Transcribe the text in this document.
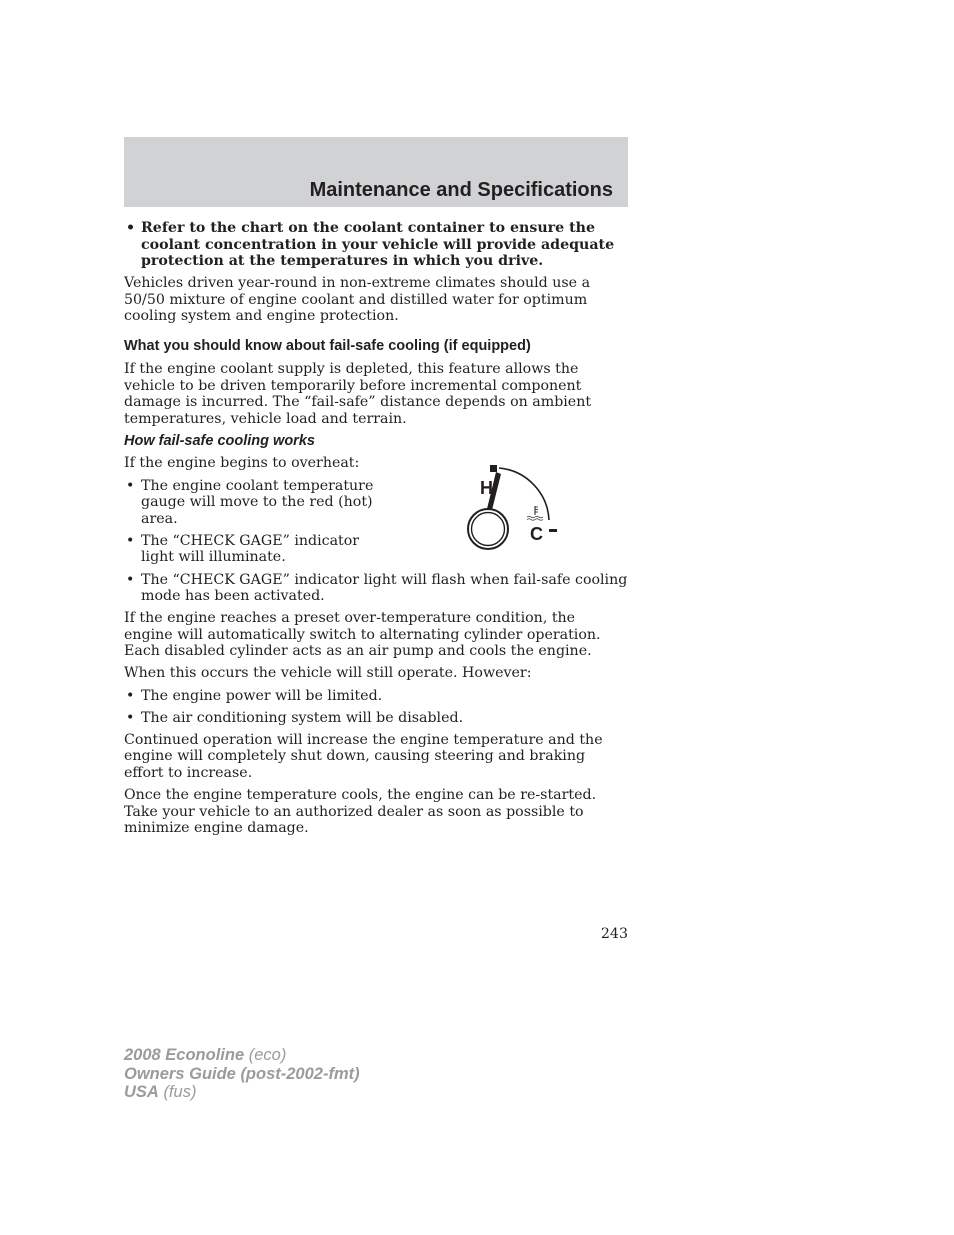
Maintenance and Specifications
• Refer to the chart on the coolant container to ensure the coolant concentration in your vehicle will provide adequate protection at the temperatures in which you drive.

Vehicles driven year-round in non-extreme climates should use a 50/50 mixture of engine coolant and distilled water for optimum cooling system and engine protection.

What you should know about fail-safe cooling (if equipped)

If the engine coolant supply is depleted, this feature allows the vehicle to be driven temporarily before incremental component damage is incurred. The “fail-safe” distance depends on ambient temperatures, vehicle load and terrain.

How fail-safe cooling works

If the engine begins to overheat:

• The engine coolant temperature gauge will move to the red (hot) area.
• The “CHECK GAGE” indicator light will illuminate.
• The “CHECK GAGE” indicator light will flash when fail-safe cooling mode has been activated.

If the engine reaches a preset over-temperature condition, the engine will automatically switch to alternating cylinder operation. Each disabled cylinder acts as an air pump and cools the engine.

When this occurs the vehicle will still operate. However:

• The engine power will be limited.
• The air conditioning system will be disabled.

Continued operation will increase the engine temperature and the engine will completely shut down, causing steering and braking effort to increase.

Once the engine temperature cools, the engine can be re-started. Take your vehicle to an authorized dealer as soon as possible to minimize engine damage.

H
C
243
2008 Econoline (eco)
Owners Guide (post-2002-fmt)
USA (fus)
